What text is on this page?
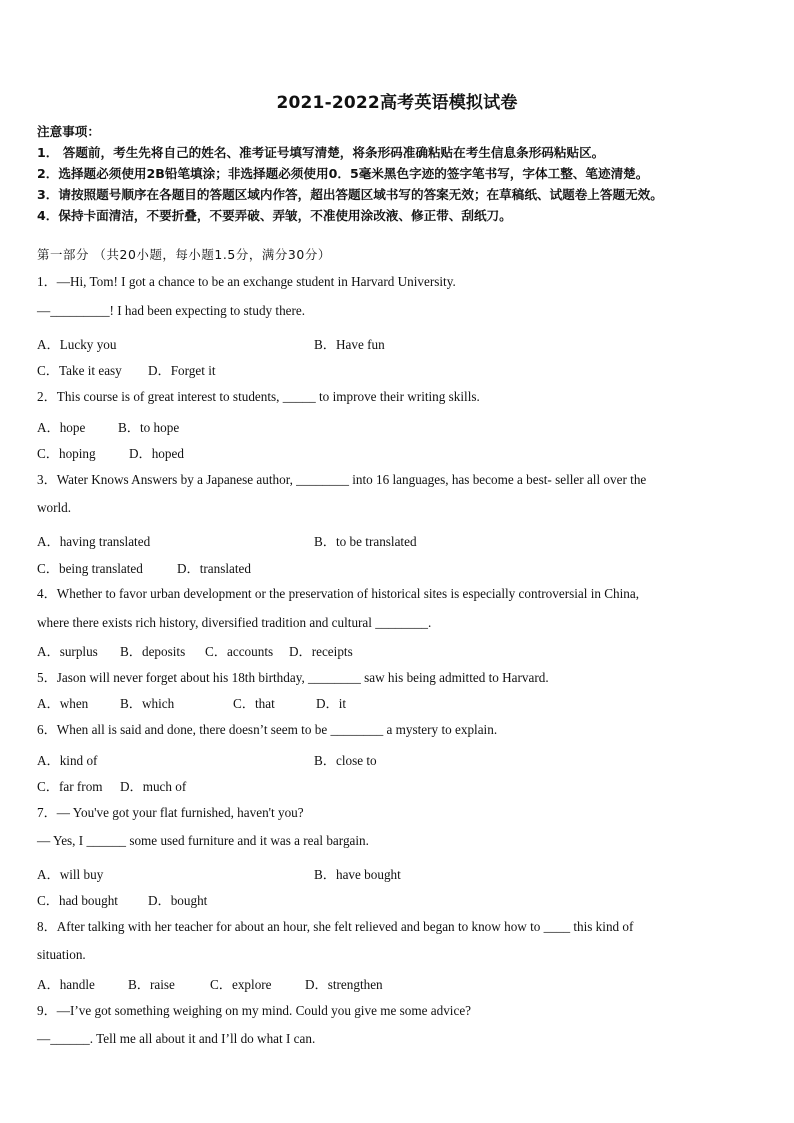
2021-2022高考英语模拟试卷
注意事项：
1． 答题前，考生先将自己的姓名、准考证号填写清楚，将条形码准确粘贴在考生信息条形码粘贴区。
2．选择题必须使用2B铅笔填涂；非选择题必须使用0．5毫米黑色字迹的签字笔书写，字体工整、笔迹清楚。
3．请按照题号顺序在各题目的答题区域内作答，超出答题区域书写的答案无效；在草稿纸、试题卷上答题无效。
4．保持卡面清洁，不要折叠，不要弄破、弄皱，不准使用涂改液、修正带、刮纸刀。
第一部分 （共20小题，每小题1.5分，满分30分）
1．—Hi, Tom! I got a chance to be an exchange student in Harvard University.
—_________! I had been expecting to study there.
A．Lucky you	B．Have fun
C．Take it easy D．Forget it
2．This course is of great interest to students, _____ to improve their writing skills.
A．hope B．to hope
C．hoping	D．hoped
3．Water Knows Answers by a Japanese author, ________ into 16 languages, has become a best- seller all over the
world.
A．having translated	B．to be translated
C．being translated	D．translated
4．Whether to favor urban development or the preservation of historical sites is especially controversial in China,
where there exists rich history, diversified tradition and cultural ________.
A．surplus B．deposits C．accounts D．receipts
5．Jason will never forget about his 18th birthday, ________ saw his being admitted to Harvard.
A．when B．which	C．that	D．it
6．When all is said and done, there doesn’t seem to be ________ a mystery to explain.
A．kind of	B．close to
C．far from D．much of
7．— You've got your flat furnished, haven't you?
— Yes, I ______ some used furniture and it was a real bargain.
A．will buy	B．have bought
C．had bought D．bought
8．After talking with her teacher for about an hour, she felt relieved and began to know how to ____ this kind of
situation.
A．handle	B．raise	C．explore	D．strengthen
9．—I’ve got something weighing on my mind. Could you give me some advice?
—______. Tell me all about it and I’ll do what I can.
